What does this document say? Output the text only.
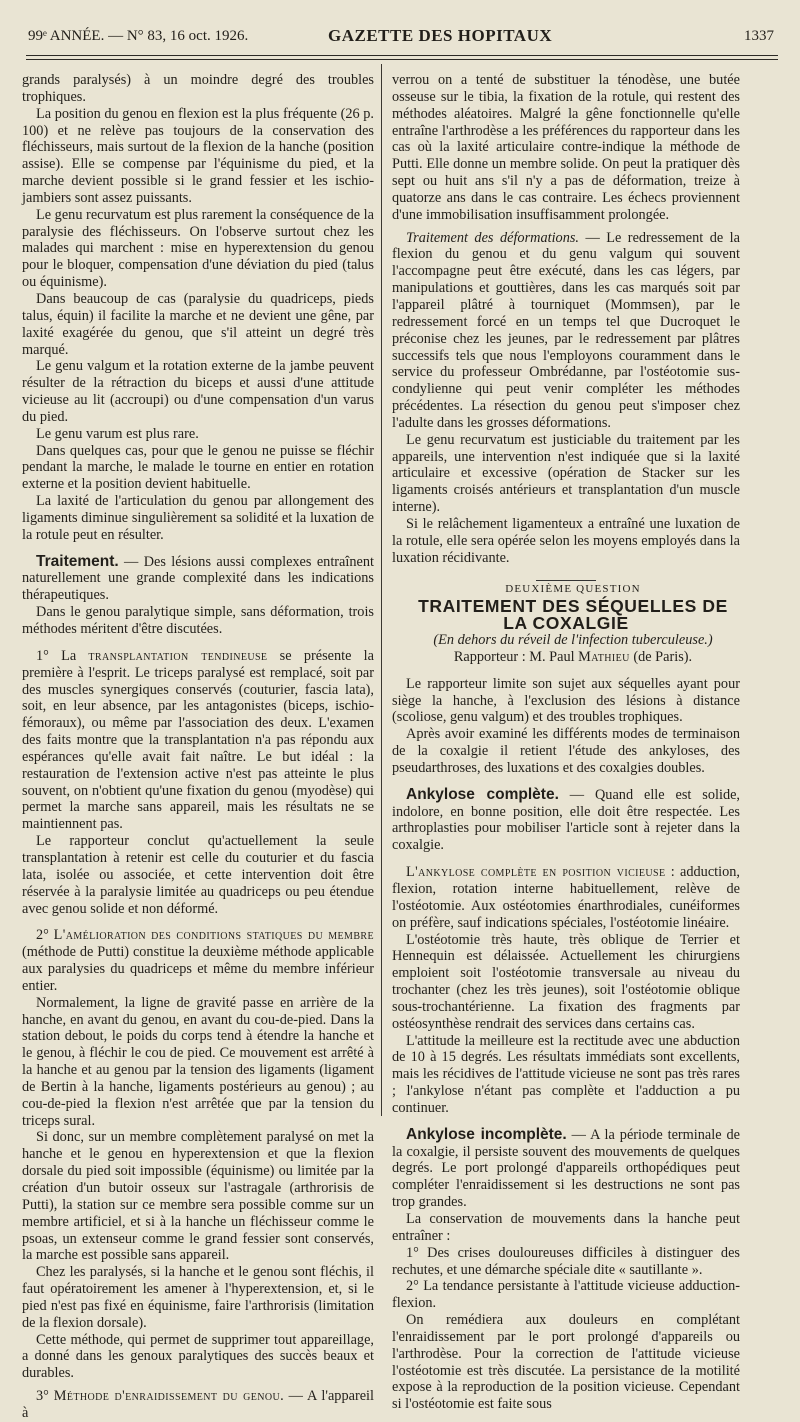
99ᵉ ANNÉE. — N° 83, 16 oct. 1926.	GAZETTE DES HOPITAUX	1337

grands paralysés) à un moindre degré des troubles trophiques.

La position du genou en flexion est la plus fréquente (26 p. 100) et ne relève pas toujours de la conservation des fléchisseurs, mais surtout de la flexion de la hanche (position assise). Elle se compense par l'équinisme du pied, et la marche devient possible si le grand fessier et les ischio-jambiers sont assez puissants.

Le genu recurvatum est plus rarement la conséquence de la paralysie des fléchisseurs. On l'observe surtout chez les malades qui marchent : mise en hyperextension du genou pour le bloquer, compensation d'une déviation du pied (talus ou équinisme).

Dans beaucoup de cas (paralysie du quadriceps, pieds talus, équin) il facilite la marche et ne devient une gêne, par laxité exagérée du genou, que s'il atteint un degré très marqué.

Le genu valgum et la rotation externe de la jambe peuvent résulter de la rétraction du biceps et aussi d'une attitude vicieuse au lit (accroupi) ou d'une compensation d'un varus du pied.

Le genu varum est plus rare.

Dans quelques cas, pour que le genou ne puisse se fléchir pendant la marche, le malade le tourne en entier en rotation externe et la position devient habituelle.

La laxité de l'articulation du genou par allongement des ligaments diminue singulièrement sa solidité et la luxation de la rotule peut en résulter.

Traitement. — Des lésions aussi complexes entraînent naturellement une grande complexité dans les indications thérapeutiques.

Dans le genou paralytique simple, sans déformation, trois méthodes méritent d'être discutées.

1° La transplantation tendineuse se présente la première à l'esprit. Le triceps paralysé est remplacé, soit par des muscles synergiques conservés (couturier, fascia lata), soit, en leur absence, par les antagonistes (biceps, ischio-fémoraux), ou même par l'association des deux. L'examen des faits montre que la transplantation n'a pas répondu aux espérances qu'elle avait fait naître. Le but idéal : la restauration de l'extension active n'est pas atteinte le plus souvent, on n'obtient qu'une fixation du genou (myodèse) qui permet la marche sans appareil, mais les résultats ne se maintiennent pas.

Le rapporteur conclut qu'actuellement la seule transplantation à retenir est celle du couturier et du fascia lata, isolée ou associée, et cette intervention doit être réservée à la paralysie limitée au quadriceps ou peu étendue avec genou solide et non déformé.

2° L'amélioration des conditions statiques du membre (méthode de Putti) constitue la deuxième méthode applicable aux paralysies du quadriceps et même du membre inférieur entier.

Normalement, la ligne de gravité passe en arrière de la hanche, en avant du genou, en avant du cou-de-pied. Dans la station debout, le poids du corps tend à étendre la hanche et le genou, à fléchir le cou de pied. Ce mouvement est arrêté à la hanche et au genou par la tension des ligaments (ligament de Bertin à la hanche, ligaments postérieurs au genou) ; au cou-de-pied la flexion n'est arrêtée que par la tension du triceps sural.

Si donc, sur un membre complètement paralysé on met la hanche et le genou en hyperextension et que la flexion dorsale du pied soit impossible (équinisme) ou limitée par la création d'un butoir osseux sur l'astragale (arthrorisis de Putti), la station sur ce membre sera possible comme sur un membre artificiel, et si à la hanche un fléchisseur comme le psoas, un extenseur comme le grand fessier sont conservés, la marche est possible sans appareil.

Chez les paralysés, si la hanche et le genou sont fléchis, il faut opératoirement les amener à l'hyperextension, et, si le pied n'est pas fixé en équinisme, faire l'arthrorisis (limitation de la flexion dorsale).

Cette méthode, qui permet de supprimer tout appareillage, a donné dans les genoux paralytiques des succès beaux et durables.

3° Méthode d'enraidissement du genou. — A l'appareil à

verrou on a tenté de substituer la ténodèse, une butée osseuse sur le tibia, la fixation de la rotule, qui restent des méthodes aléatoires. Malgré la gêne fonctionnelle qu'elle entraîne l'arthrodèse a les préférences du rapporteur dans les cas où la laxité articulaire contre-indique la méthode de Putti. Elle donne un membre solide. On peut la pratiquer dès sept ou huit ans s'il n'y a pas de déformation, treize à quatorze ans dans le cas contraire. Les échecs proviennent d'une immobilisation insuffisamment prolongée.

Traitement des déformations. — Le redressement de la flexion du genou et du genu valgum qui souvent l'accompagne peut être exécuté, dans les cas légers, par manipulations et gouttières, dans les cas marqués soit par l'appareil plâtré à tourniquet (Mommsen), par le redressement forcé en un temps tel que Ducroquet le préconise chez les jeunes, par le redressement par plâtres successifs tels que nous l'employons couramment dans le service du professeur Ombrédanne, par l'ostéotomie sus-condylienne qui peut venir compléter les méthodes précédentes. La résection du genou peut s'imposer chez l'adulte dans les grosses déformations.

Le genu recurvatum est justiciable du traitement par les appareils, une intervention n'est indiquée que si la laxité articulaire et excessive (opération de Stacker sur les ligaments croisés antérieurs et transplantation d'un muscle interne).

Si le relâchement ligamenteux a entraîné une luxation de la rotule, elle sera opérée selon les moyens employés dans la luxation récidivante.

DEUXIÈME QUESTION

TRAITEMENT DES SÉQUELLES DE LA COXALGIE

(En dehors du réveil de l'infection tuberculeuse.)

Rapporteur : M. Paul Mathieu (de Paris).

Le rapporteur limite son sujet aux séquelles ayant pour siège la hanche, à l'exclusion des lésions à distance (scoliose, genu valgum) et des troubles trophiques.

Après avoir examiné les différents modes de terminaison de la coxalgie il retient l'étude des ankyloses, des pseudarthroses, des luxations et des coxalgies doubles.

Ankylose complète. — Quand elle est solide, indolore, en bonne position, elle doit être respectée. Les arthroplasties pour mobiliser l'article sont à rejeter dans la coxalgie.

L'ankylose complète en position vicieuse : adduction, flexion, rotation interne habituellement, relève de l'ostéotomie. Aux ostéotomies énarthrodiales, cunéiformes on préfère, sauf indications spéciales, l'ostéotomie linéaire.

L'ostéotomie très haute, très oblique de Terrier et Hennequin est délaissée. Actuellement les chirurgiens emploient soit l'ostéotomie transversale au niveau du trochanter (chez les très jeunes), soit l'ostéotomie oblique sous-trochantérienne. La fixation des fragments par ostéosynthèse rendrait des services dans certains cas.

L'attitude la meilleure est la rectitude avec une abduction de 10 à 15 degrés. Les résultats immédiats sont excellents, mais les récidives de l'attitude vicieuse ne sont pas très rares ; l'ankylose n'étant pas complète et l'adduction a pu continuer.

Ankylose incomplète. — A la période terminale de la coxalgie, il persiste souvent des mouvements de quelques degrés. Le port prolongé d'appareils orthopédiques peut compléter l'enraidissement si les destructions ne sont pas trop grandes.

La conservation de mouvements dans la hanche peut entraîner :

1° Des crises douloureuses difficiles à distinguer des rechutes, et une démarche spéciale dite « sautillante ».

2° La tendance persistante à l'attitude vicieuse adduction-flexion.

On remédiera aux douleurs en complétant l'enraidissement par le port prolongé d'appareils ou l'arthrodèse. Pour la correction de l'attitude vicieuse l'ostéotomie est très discutée. La persistance de la motilité expose à la reproduction de la position vicieuse. Cependant si l'ostéotomie est faite sous
